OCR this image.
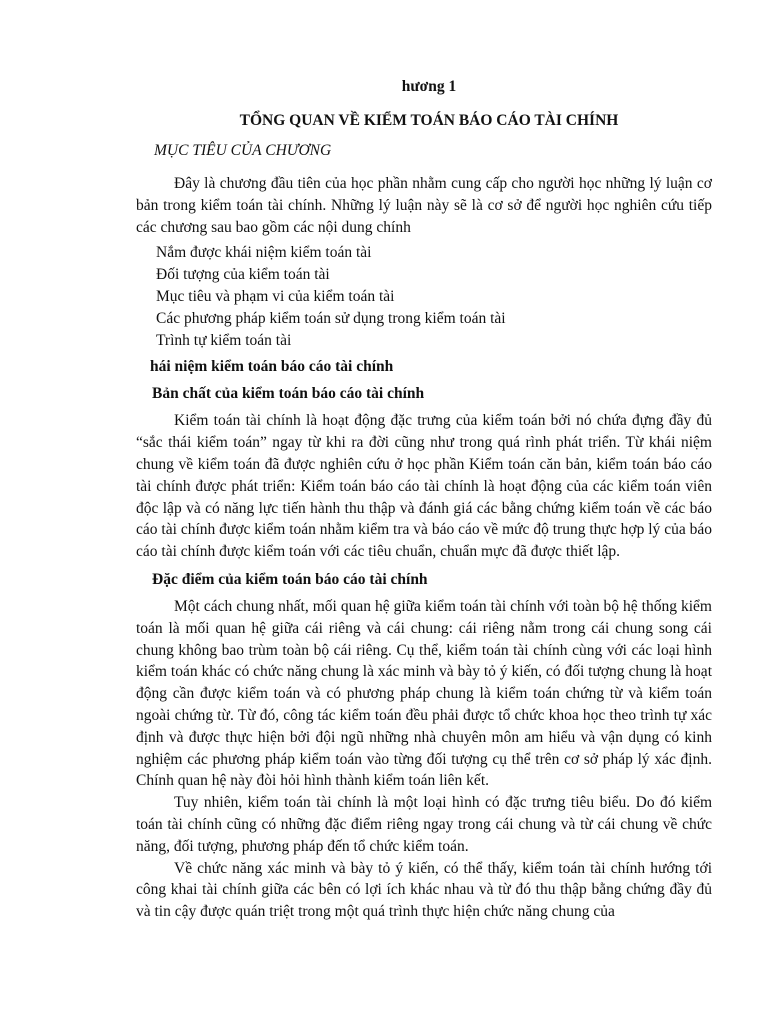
hương 1
TỔNG QUAN VỀ KIỂM TOÁN BÁO CÁO TÀI CHÍNH
MỤC TIÊU CỦA CHƯƠNG

Đây là chương đầu tiên của học phần nhằm cung cấp cho người học những lý luận cơ bản trong kiểm toán tài chính. Những lý luận này sẽ là cơ sở để người học nghiên cứu tiếp các chương sau bao gồm các nội dung chính

Nắm được khái niệm kiểm toán tài
Đối tượng của kiểm toán tài
Mục tiêu và phạm vi của kiểm toán tài
Các phương pháp kiểm toán sử dụng trong kiểm toán tài
Trình tự kiểm toán tài
hái niệm kiểm toán báo cáo tài chính
Bản chất của kiểm toán báo cáo tài chính

Kiểm toán tài chính là hoạt động đặc trưng của kiểm toán bởi nó chứa đựng đầy đủ “sắc thái kiểm toán” ngay từ khi ra đời cũng như trong quá rình phát triển. Từ khái niệm chung về kiểm toán đã được nghiên cứu ở học phần Kiểm toán căn bản, kiểm toán báo cáo tài chính được phát triển: Kiểm toán báo cáo tài chính là hoạt động của các kiểm toán viên độc lập và có năng lực tiến hành thu thập và đánh giá các bằng chứng kiểm toán về các báo cáo tài chính được kiểm toán nhằm kiểm tra và báo cáo về mức độ trung thực hợp lý của báo cáo tài chính được kiểm toán với các tiêu chuẩn, chuẩn mực đã được thiết lập.

Đặc điểm của kiểm toán báo cáo tài chính

Một cách chung nhất, mối quan hệ giữa kiểm toán tài chính với toàn bộ hệ thống kiểm toán là mối quan hệ giữa cái riêng và cái chung: cái riêng nằm trong cái chung song cái chung không bao trùm toàn bộ cái riêng. Cụ thể, kiểm toán tài chính cùng với các loại hình kiểm toán khác có chức năng chung là xác minh và bày tỏ ý kiến, có đối tượng chung là hoạt động cần được kiểm toán và có phương pháp chung là kiểm toán chứng từ và kiểm toán ngoài chứng từ. Từ đó, công tác kiểm toán đều phải được tổ chức khoa học theo trình tự xác định và được thực hiện bởi đội ngũ những nhà chuyên môn am hiểu và vận dụng có kinh nghiệm các phương pháp kiểm toán vào từng đối tượng cụ thể trên cơ sở pháp lý xác định. Chính quan hệ này đòi hỏi hình thành kiểm toán liên kết.

Tuy nhiên, kiểm toán tài chính là một loại hình có đặc trưng tiêu biểu. Do đó kiểm toán tài chính cũng có những đặc điểm riêng ngay trong cái chung và từ cái chung về chức năng, đối tượng, phương pháp đến tổ chức kiểm toán.

Về chức năng xác minh và bày tỏ ý kiến, có thể thấy, kiểm toán tài chính hướng tới công khai tài chính giữa các bên có lợi ích khác nhau và từ đó thu thập bằng chứng đầy đủ và tin cậy được quán triệt trong một quá trình thực hiện chức năng chung của
